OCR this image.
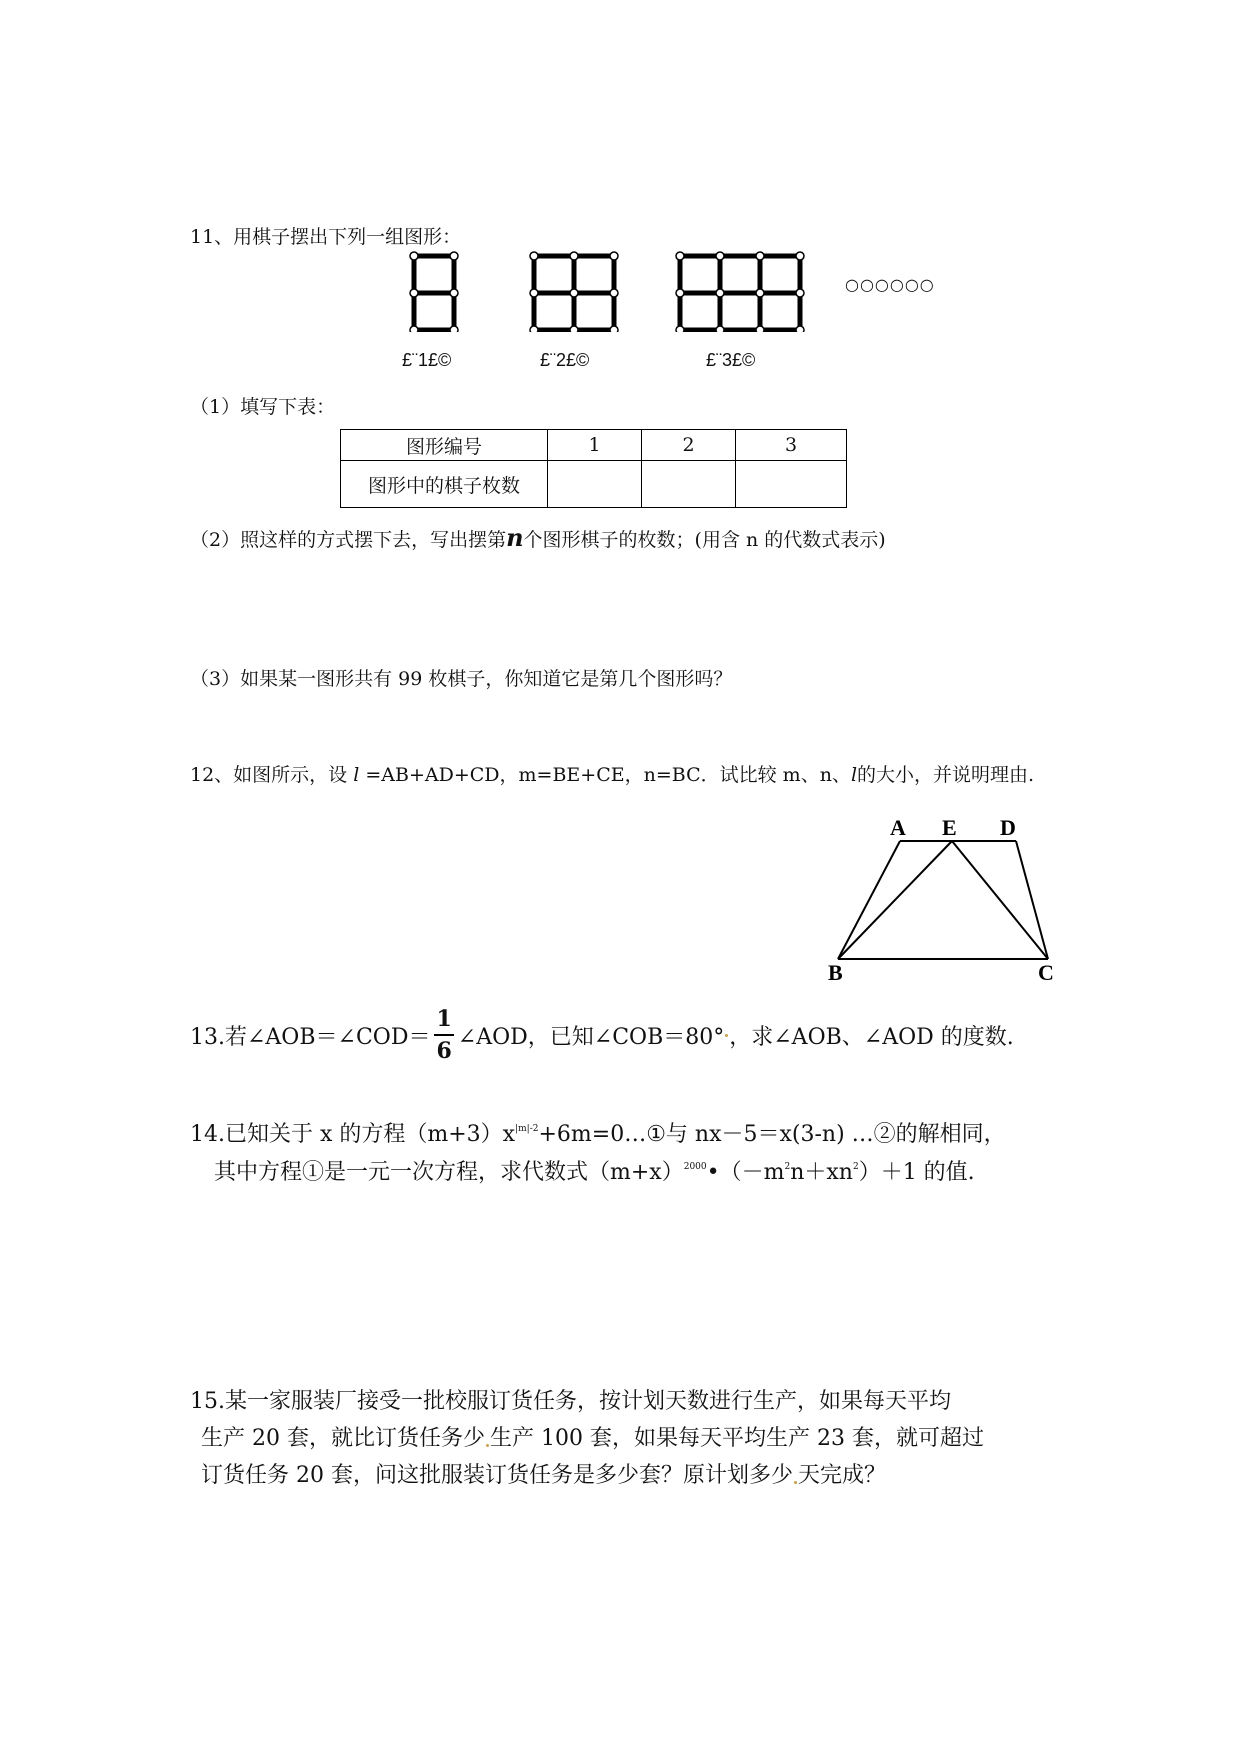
11、用棋子摆出下列一组图形：
○○○○○○
£¨1£©	£¨2£©	£¨3£©
（1）填写下表：
图形编号	1	2	3
图形中的棋子枚数			
（2）照这样的方式摆下去，写出摆第n个图形棋子的枚数；(用含 n 的代数式表示)
（3）如果某一图形共有 99 枚棋子，你知道它是第几个图形吗？
12、如图所示，设 l =AB+AD+CD，m=BE+CE，n=BC．试比较 m、n、l的大小，并说明理由.
A E D
B	C
13.若∠AOB＝∠COD＝ $\frac{1}{6}$ ∠AOD，已知∠COB＝80° ，求∠AOB、∠AOD 的度数.
14.已知关于 x 的方程$(m+3)x^{|m|-2}+6m=0\dots ①$与 nx－5＝x(3-n) …②的解相同，
其中方程①是一元一次方程，求代数式$(m+x)^{2000}•(-m^2n+xn^2)+1$ 的值.
15.某一家服装厂接受一批校服订货任务，按计划天数进行生产，如果每天平均
生产 20 套，就比订货任务少 生产 100 套，如果每天平均生产 23 套，就可超过
订货任务 20 套，问这批服装订货任务是多少套？原计划多少 天完成？
